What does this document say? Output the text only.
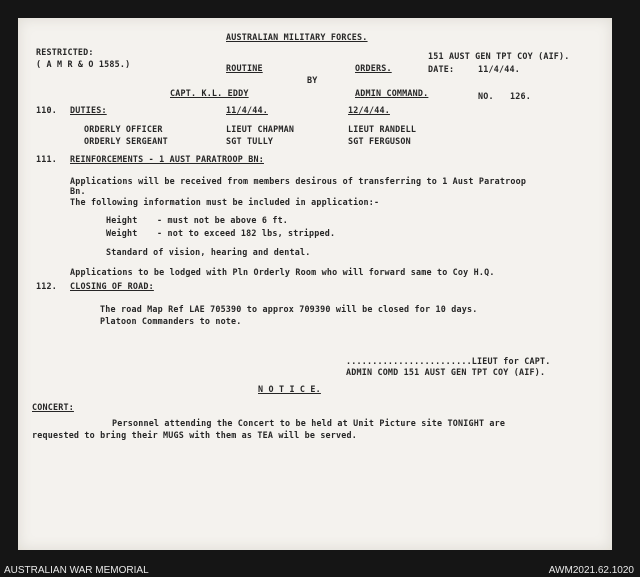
AUSTRALIAN MILITARY FORCES.
RESTRICTED:
( A M R & O 1585.)
151 AUST GEN TPT COY (AIF).
ROUTINE	ORDERS.	DATE:	11/4/44.
BY
CAPT. K.L. EDDY	ADMIN COMMAND.	NO. 126.
110. DUTIES:	11/4/44.	12/4/44.
ORDERLY OFFICER	LIEUT CHAPMAN	LIEUT RANDELL
ORDERLY SERGEANT	SGT TULLY	SGT FERGUSON
111. REINFORCEMENTS - 1 AUST PARATROOP BN:
Applications will be received from members desirous of transferring to 1 Aust Paratroop
Bn.
The following information must be included in application:-
Height - must not be above 6 ft.
Weight - not to exceed 182 lbs, stripped.
Standard of vision, hearing and dental.
Applications to be lodged with Pln Orderly Room who will forward same to Coy H.Q.
112. CLOSING OF ROAD:
The road Map Ref LAE 705390 to approx 709390 will be closed for 10 days.
Platoon Commanders to note.
........................LIEUT for CAPT.
ADMIN COMD 151 AUST GEN TPT COY (AIF).
N O T I C E.
CONCERT:
Personnel attending the Concert to be held at Unit Picture site TONIGHT are
requested to bring their MUGS with them as TEA will be served.
AUSTRALIAN WAR MEMORIAL	AWM2021.62.1020
